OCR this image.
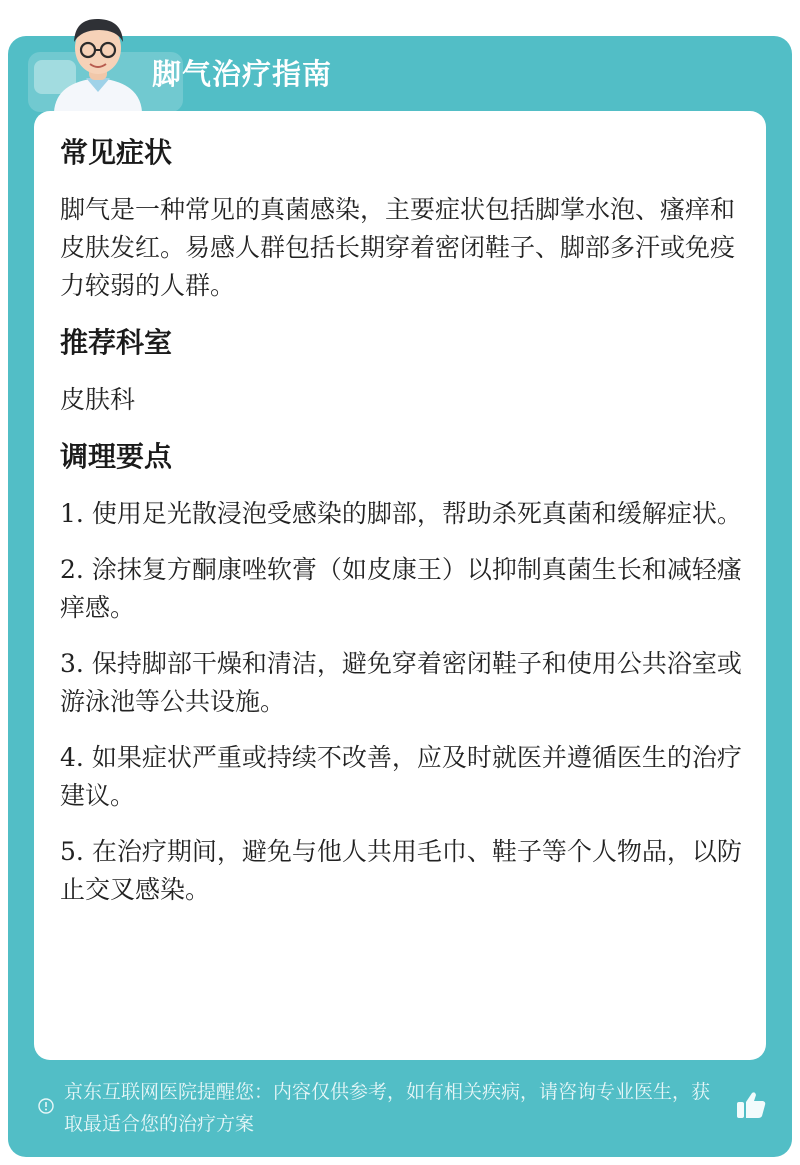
脚气治疗指南
常见症状
脚气是一种常见的真菌感染，主要症状包括脚掌水泡、瘙痒和皮肤发红。易感人群包括长期穿着密闭鞋子、脚部多汗或免疫力较弱的人群。
推荐科室
皮肤科
调理要点
1. 使用足光散浸泡受感染的脚部，帮助杀死真菌和缓解症状。
2. 涂抹复方酮康唑软膏（如皮康王）以抑制真菌生长和减轻瘙痒感。
3. 保持脚部干燥和清洁，避免穿着密闭鞋子和使用公共浴室或游泳池等公共设施。
4. 如果症状严重或持续不改善，应及时就医并遵循医生的治疗建议。
5. 在治疗期间，避免与他人共用毛巾、鞋子等个人物品，以防止交叉感染。
京东互联网医院提醒您：内容仅供参考，如有相关疾病，请咨询专业医生，获取最适合您的治疗方案
